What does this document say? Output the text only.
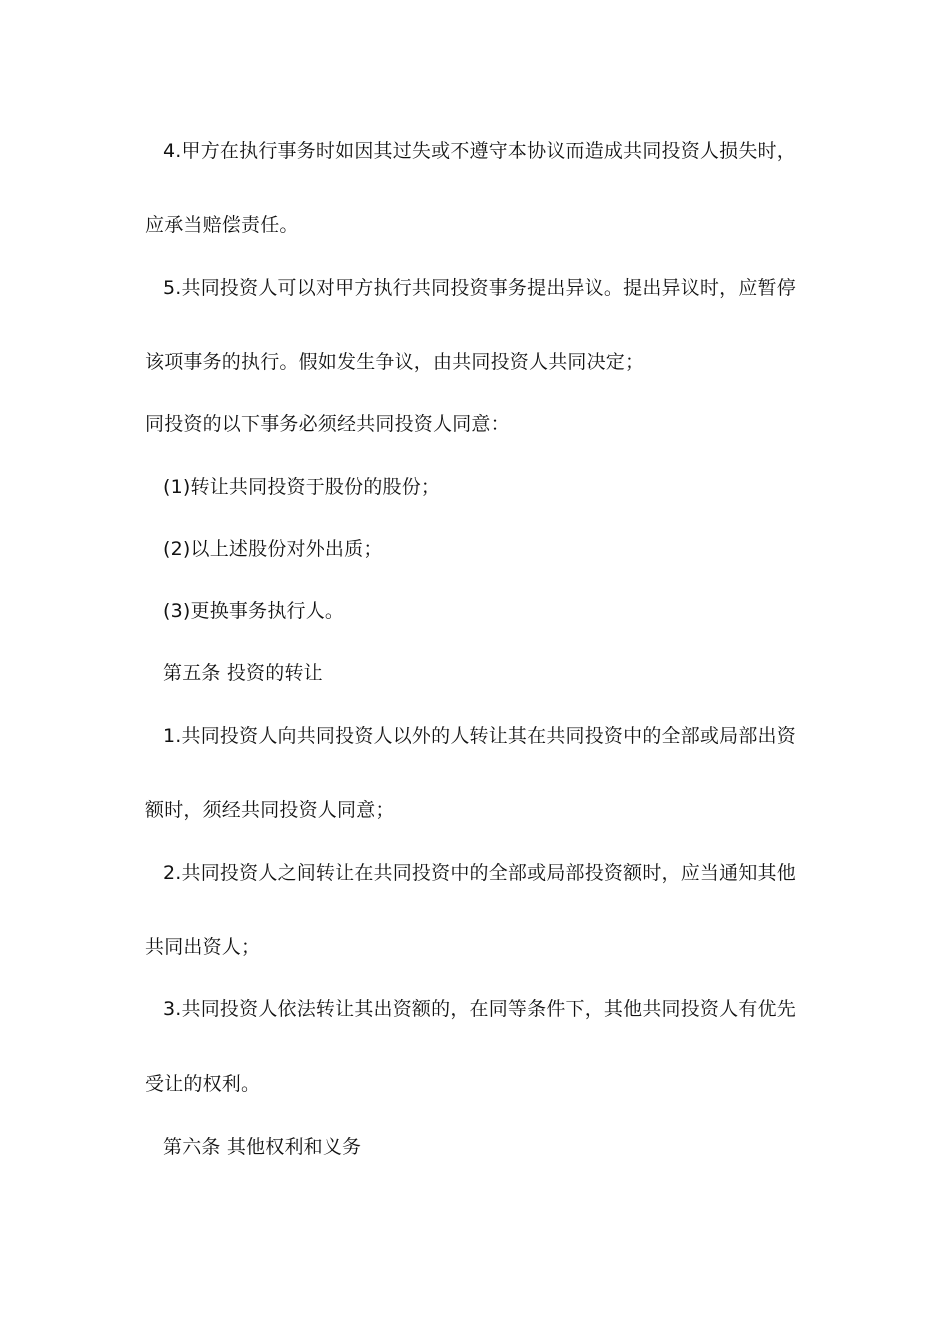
4.甲方在执行事务时如因其过失或不遵守本协议而造成共同投资人损失时，
应承当赔偿责任。
5.共同投资人可以对甲方执行共同投资事务提出异议。提出异议时，应暂停
该项事务的执行。假如发生争议，由共同投资人共同决定；
同投资的以下事务必须经共同投资人同意：
(1)转让共同投资于股份的股份；
(2)以上述股份对外出质；
(3)更换事务执行人。
第五条 投资的转让
1.共同投资人向共同投资人以外的人转让其在共同投资中的全部或局部出资
额时，须经共同投资人同意；
2.共同投资人之间转让在共同投资中的全部或局部投资额时，应当通知其他
共同出资人；
3.共同投资人依法转让其出资额的，在同等条件下，其他共同投资人有优先
受让的权利。
第六条 其他权利和义务
